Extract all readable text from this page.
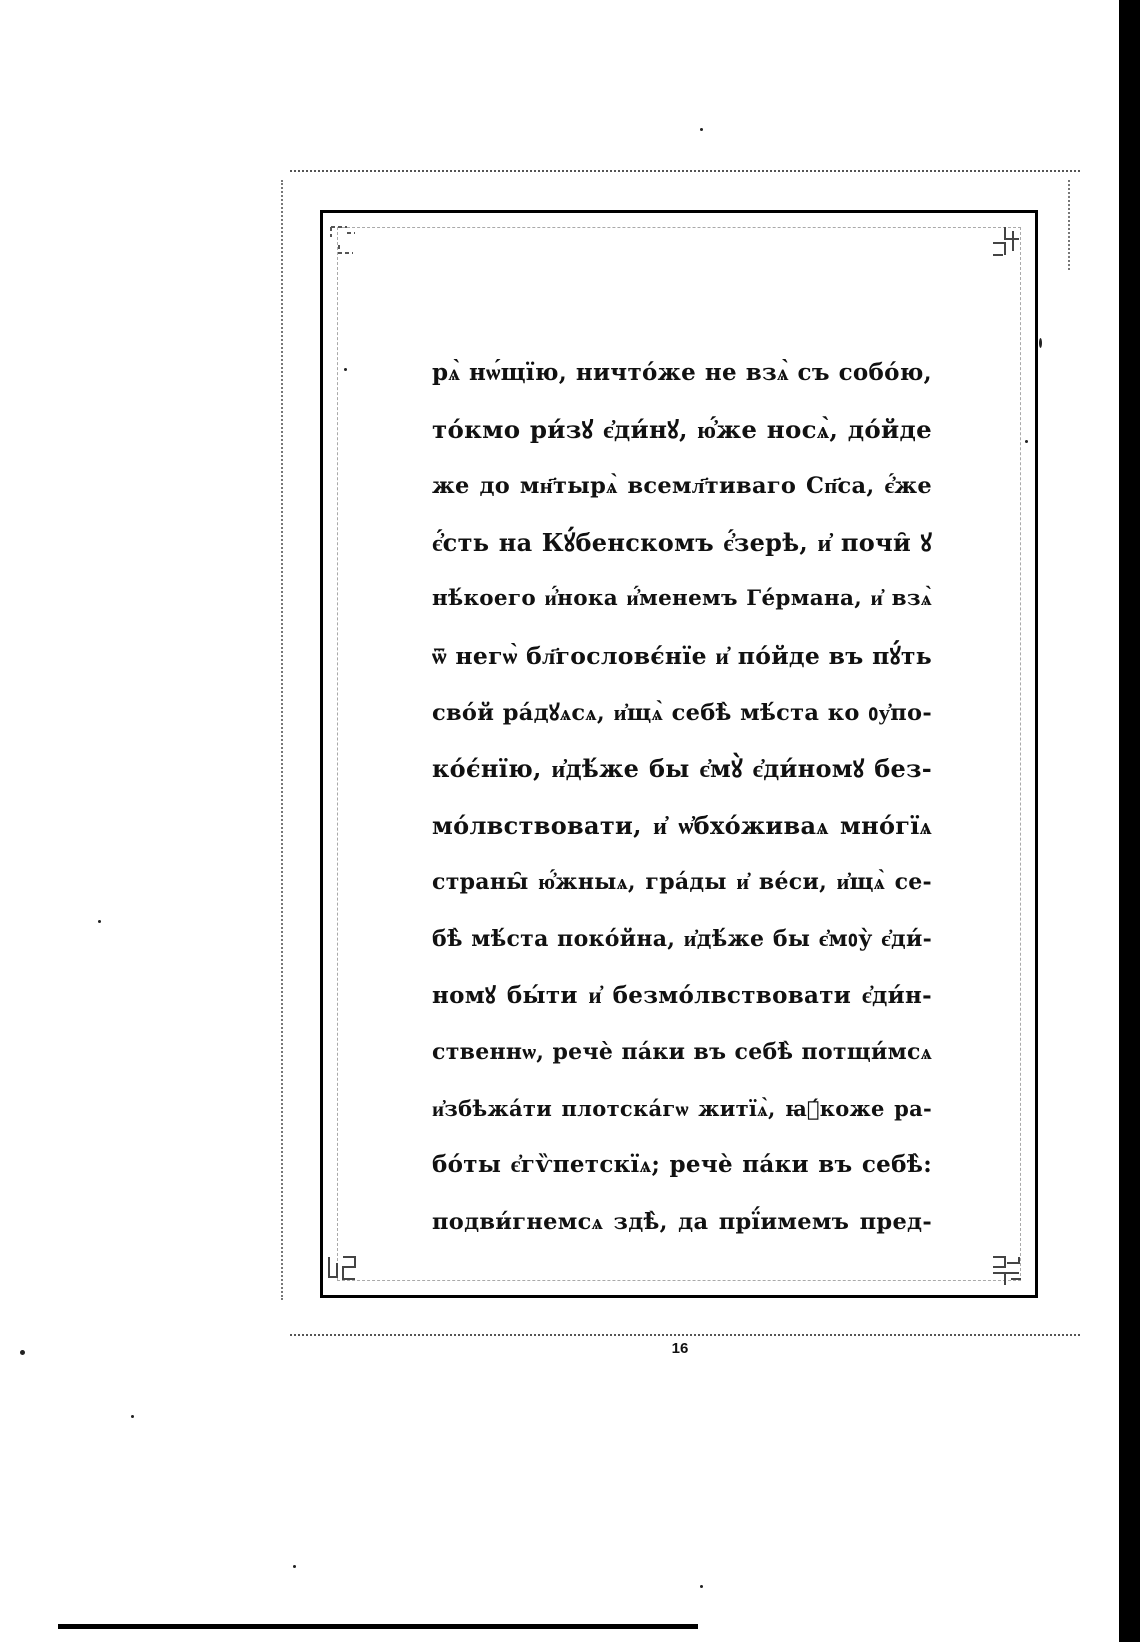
рѧ̀ нѡ́щїю, ничто́же не взѧ̀ съ собо́ю,
то́кмо ри́зꙋ є҆ди́нꙋ, ю҆́же носѧ̀, до́йде
же до мн҃тырѧ̀ всемл҃тиваго Сп҃са, є҆́же
є҆́сть на Кꙋ́бенскомъ є҆́зерѣ, и҆ почи̑ ꙋ
нѣ́коего и҆́нока и҆́менемъ Ге́рмана, и҆ взѧ̀
ѿ негѡ̀ бл҃гословє́нїе и҆ по́йде въ пꙋ́ть
сво́й ра́дꙋѧсѧ, и҆щѧ̀ себѣ̀ мѣ́ста ко ᲂу҆по-
ко́є́нїю, и҆дѣ́же бы є҆мꙋ̀ є҆ди́номꙋ без-
мо́лвствовати, и҆ ѡ҆бхо́живаѧ мно́гїѧ
страны̑ ю҆́жныѧ, гра́ды и҆ ве́си, и҆щѧ̀ се-
бѣ̀ мѣ́ста поко́йна, и҆дѣ́же бы є҆мᲂу̀ є҆ди́-
номꙋ бы́ти и҆ безмо́лвствовати є҆ди́н-
ственнѡ, речѐ па́ки въ себѣ̀ потщи́мсѧ
и҆збѣжа́ти плотска́гѡ житїѧ̀, ꙗ҆́коже ра-
бо́ты є҆гѷпетскїѧ; речѐ па́ки въ себѣ̀:
подви́гнемсѧ здѣ̀, да прї́имемъ пред-
16
